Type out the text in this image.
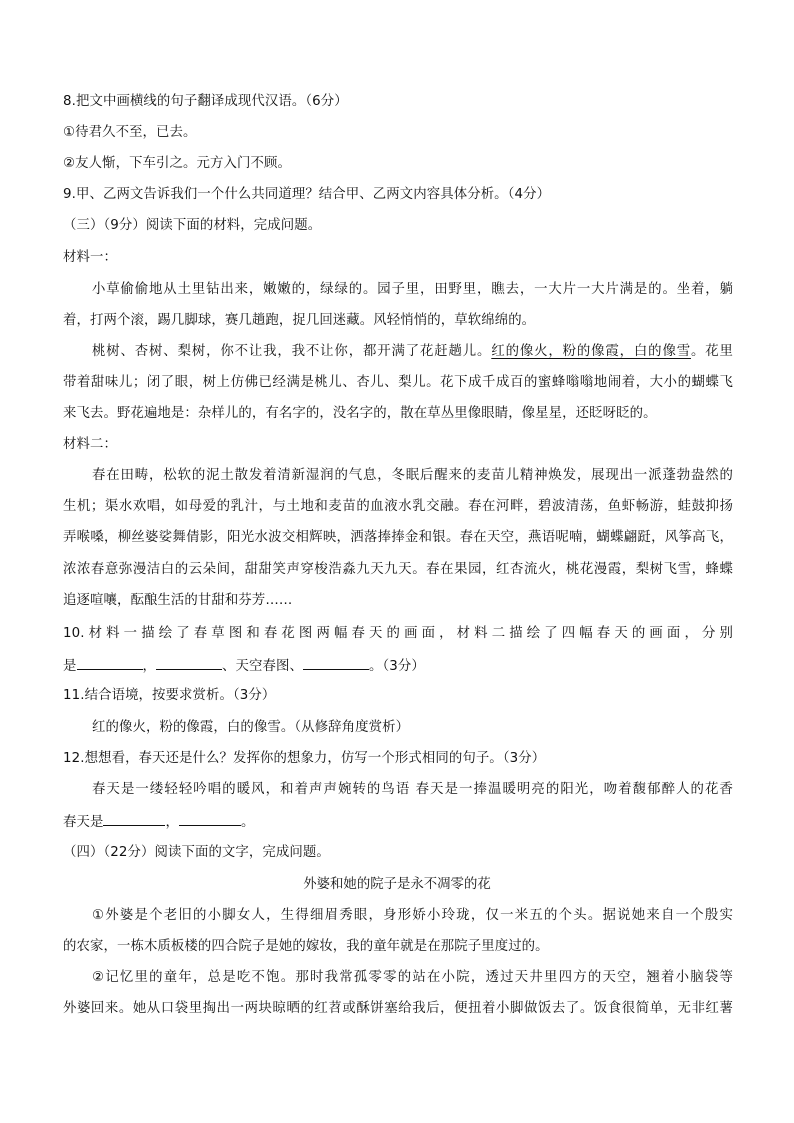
8.把文中画横线的句子翻译成现代汉语。（6分）
①待君久不至，已去。
②友人惭，下车引之。元方入门不顾。
9.甲、乙两文告诉我们一个什么共同道理？结合甲、乙两文内容具体分析。（4分）
（三）（9分）阅读下面的材料，完成问题。
材料一：
小草偷偷地从土里钻出来，嫩嫩的，绿绿的。园子里，田野里，瞧去，一大片一大片满是的。坐着，躺
着，打两个滚，踢几脚球，赛几趟跑，捉几回迷藏。风轻悄悄的，草软绵绵的。
桃树、杏树、梨树，你不让我，我不让你，都开满了花赶趟儿。红的像火，粉的像霞，白的像雪。花里
带着甜味儿；闭了眼，树上仿佛已经满是桃儿、杏儿、梨儿。花下成千成百的蜜蜂嗡嗡地闹着，大小的蝴蝶飞
来飞去。野花遍地是：杂样儿的，有名字的，没名字的，散在草丛里像眼睛，像星星，还眨呀眨的。
材料二：
春在田畴，松软的泥土散发着清新湿润的气息，冬眠后醒来的麦苗儿精神焕发，展现出一派蓬勃盎然的
生机；渠水欢唱，如母爱的乳汁，与土地和麦苗的血液水乳交融。春在河畔，碧波清荡，鱼虾畅游，蛙鼓抑扬
弄喉嗓，柳丝婆娑舞倩影，阳光水波交相辉映，洒落捧捧金和银。春在天空，燕语呢喃，蝴蝶翩跹，风筝高飞，
浓浓春意弥漫洁白的云朵间，甜甜笑声穿梭浩淼九天九天。春在果园，红杏流火，桃花漫霞，梨树飞雪，蜂蝶
追逐喧嚷，酝酿生活的甘甜和芬芳……
10.材料一描绘了春草图和春花图两幅春天的画面，材料二描绘了四幅春天的画面，分别
是	，	、天空春图、	。（3分）
11.结合语境，按要求赏析。（3分）
红的像火，粉的像霞，白的像雪。（从修辞角度赏析）
12.想想看，春天还是什么？发挥你的想象力，仿写一个形式相同的句子。（3分）
春天是一缕轻轻吟唱的暖风，和着声声婉转的鸟语 春天是一捧温暖明亮的阳光，吻着馥郁醉人的花香
春天是	，	。
（四）（22分）阅读下面的文字，完成问题。
外婆和她的院子是永不凋零的花
①外婆是个老旧的小脚女人，生得细眉秀眼，身形娇小玲珑，仅一米五的个头。据说她来自一个殷实
的农家，一栋木质板楼的四合院子是她的嫁妆，我的童年就是在那院子里度过的。
②记忆里的童年，总是吃不饱。那时我常孤零零的站在小院，透过天井里四方的天空，翘着小脑袋等
外婆回来。她从口袋里掏出一两块晾晒的红苕或酥饼塞给我后，便扭着小脚做饭去了。饭食很简单，无非红薯
